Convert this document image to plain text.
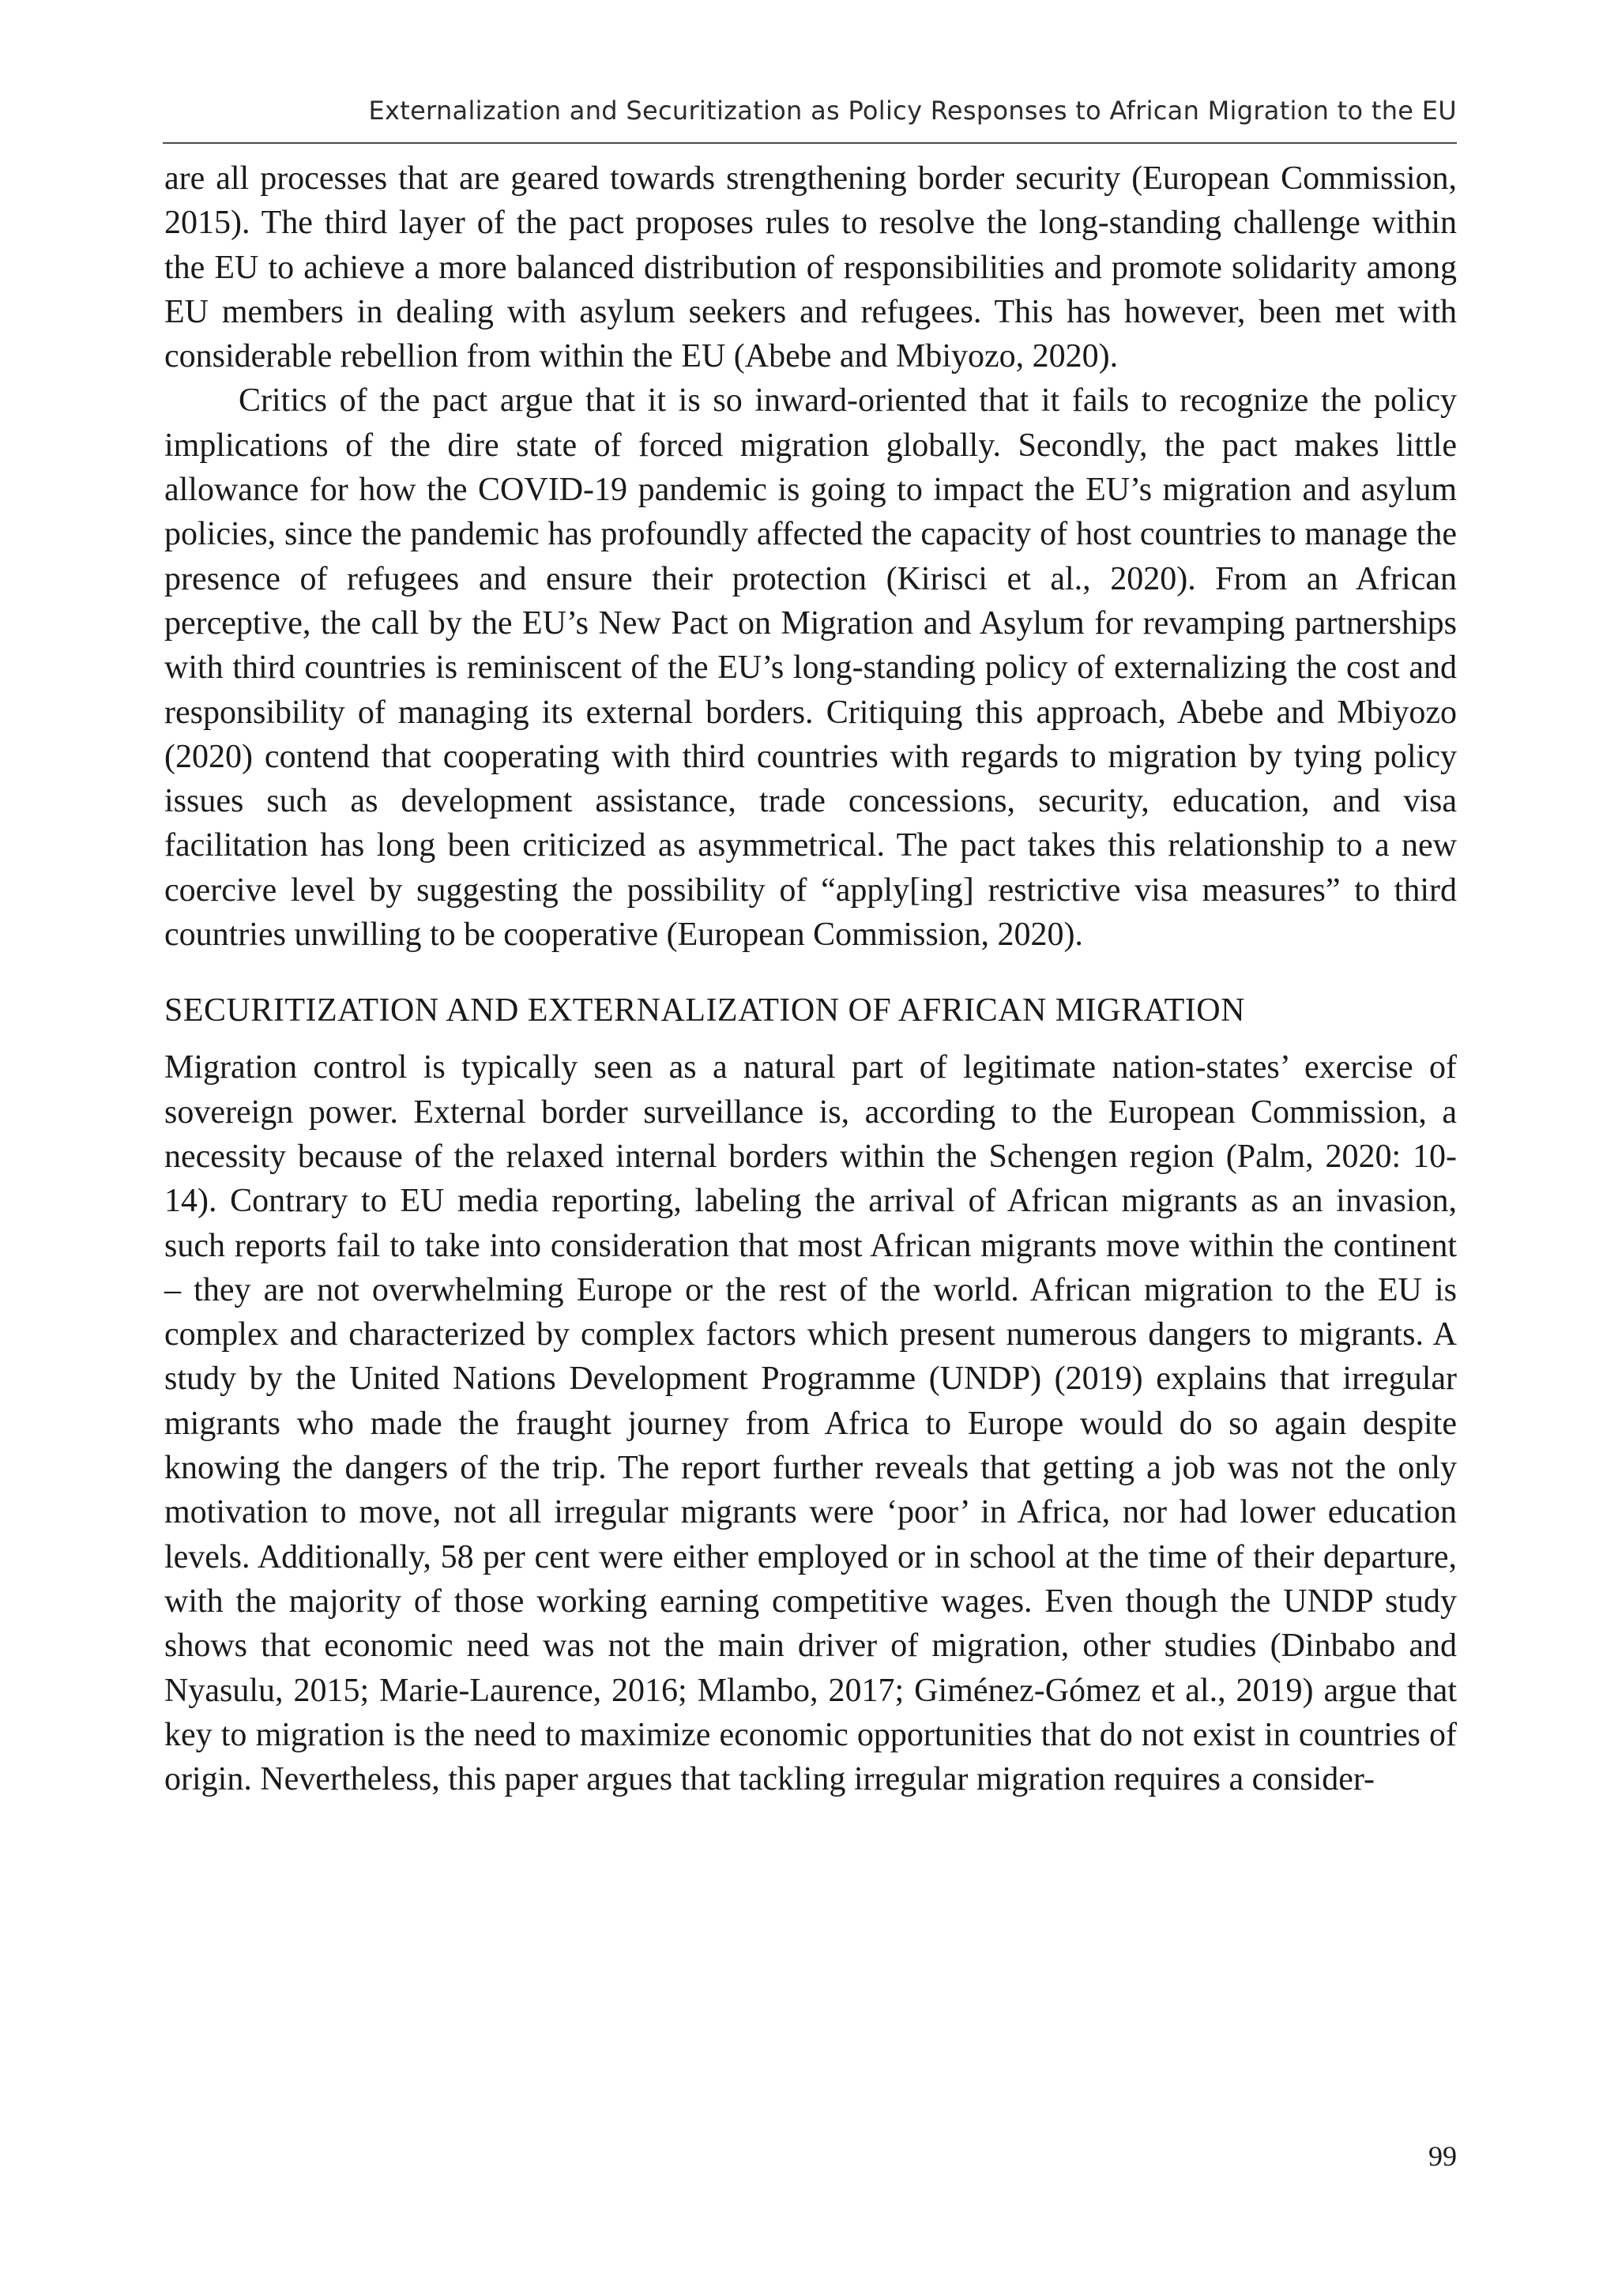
Externalization and Securitization as Policy Responses to African Migration to the EU

are all processes that are geared towards strengthening border security (European Commission, 2015). The third layer of the pact proposes rules to resolve the long-standing challenge within the EU to achieve a more balanced distribution of responsibilities and promote solidarity among EU members in dealing with asylum seekers and refugees. This has however, been met with considerable rebellion from within the EU (Abebe and Mbiyozo, 2020).

Critics of the pact argue that it is so inward-oriented that it fails to recognize the policy implications of the dire state of forced migration globally. Secondly, the pact makes little allowance for how the COVID-19 pandemic is going to impact the EU’s migration and asylum policies, since the pandemic has profoundly affected the capacity of host countries to manage the presence of refugees and ensure their protection (Kirisci et al., 2020). From an African perceptive, the call by the EU’s New Pact on Migration and Asylum for revamping partnerships with third countries is reminiscent of the EU’s long-standing policy of externalizing the cost and responsibility of managing its external borders. Critiquing this approach, Abebe and Mbiyozo (2020) contend that cooperating with third countries with regards to migration by tying policy issues such as development assistance, trade concessions, security, education, and visa facilitation has long been criticized as asymmetrical. The pact takes this relationship to a new coercive level by suggesting the possibility of “apply[ing] restrictive visa measures” to third countries unwilling to be cooperative (European Commission, 2020).

SECURITIZATION AND EXTERNALIZATION OF AFRICAN MIGRATION

Migration control is typically seen as a natural part of legitimate nation-states’ exercise of sovereign power. External border surveillance is, according to the European Commission, a necessity because of the relaxed internal borders within the Schengen region (Palm, 2020: 10-14). Contrary to EU media reporting, labeling the arrival of African migrants as an invasion, such reports fail to take into consideration that most African migrants move within the continent – they are not overwhelming Europe or the rest of the world. African migration to the EU is complex and characterized by complex factors which present numerous dangers to migrants. A study by the United Nations Development Programme (UNDP) (2019) explains that irregular migrants who made the fraught journey from Africa to Europe would do so again despite knowing the dangers of the trip. The report further reveals that getting a job was not the only motivation to move, not all irregular migrants were ‘poor’ in Africa, nor had lower education levels. Additionally, 58 per cent were either employed or in school at the time of their departure, with the majority of those working earning competitive wages. Even though the UNDP study shows that economic need was not the main driver of migration, other studies (Dinbabo and Nyasulu, 2015; Marie-Laurence, 2016; Mlambo, 2017; Giménez-Gómez et al., 2019) argue that key to migration is the need to maximize economic opportunities that do not exist in countries of origin. Nevertheless, this paper argues that tackling irregular migration requires a consider-

99
